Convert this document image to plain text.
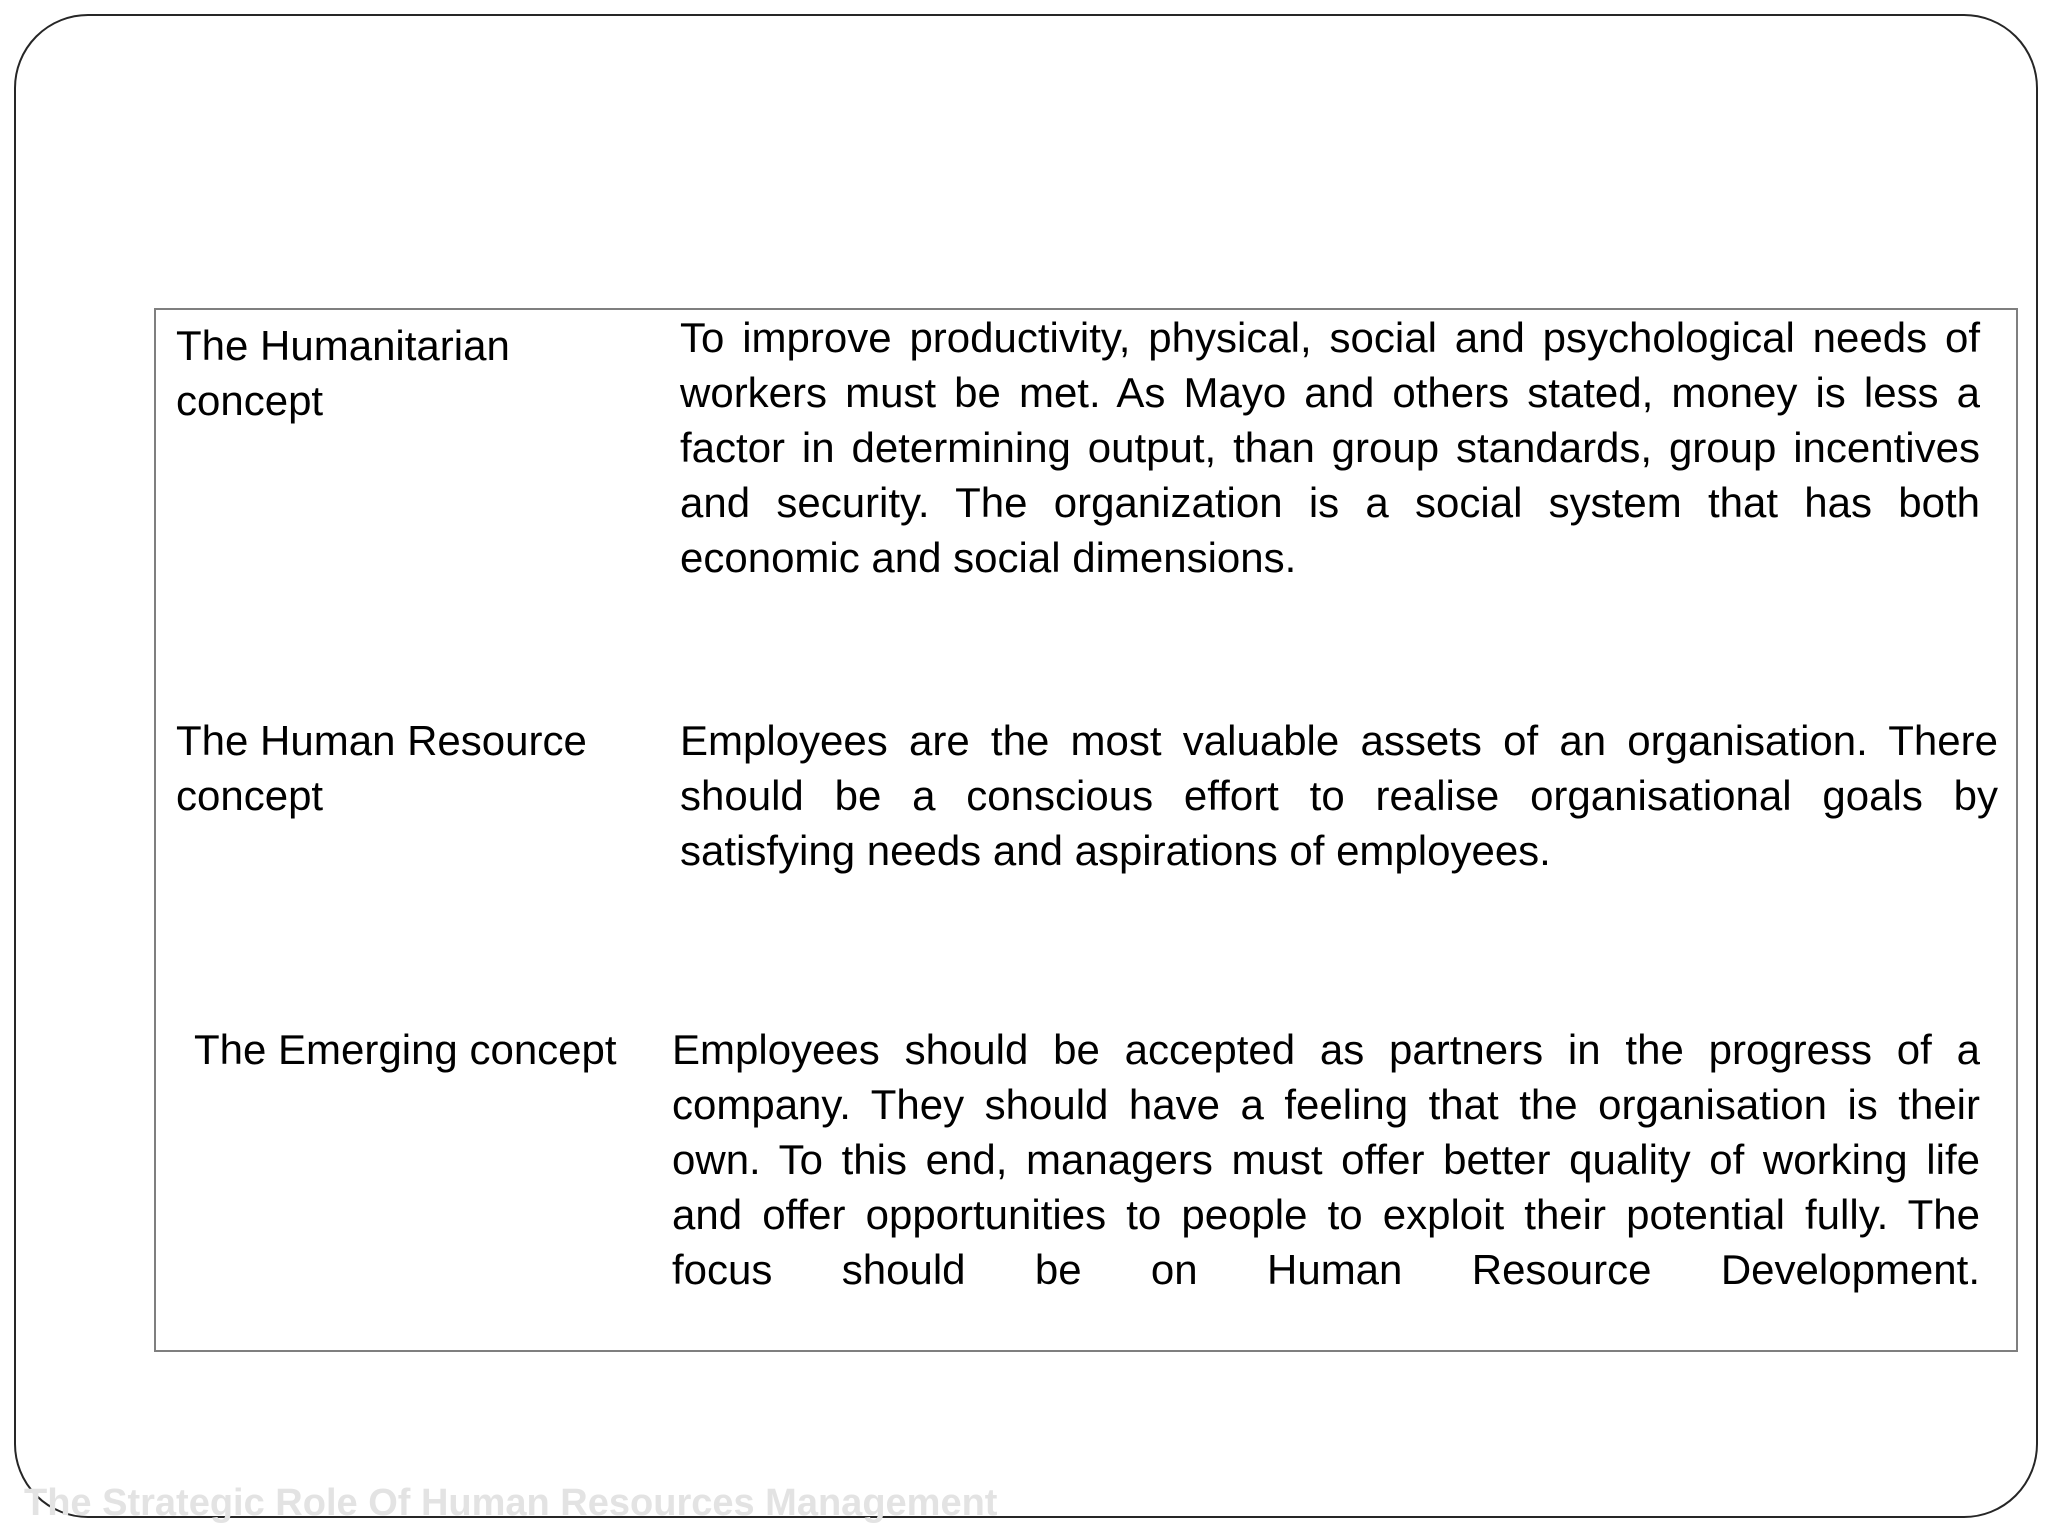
The Humanitarian concept
To improve productivity, physical, social and psychological needs of workers must be met. As Mayo and others stated, money is less a factor in determining output, than group standards, group incentives and security. The organization is a social system that has both economic and social dimensions.
The Human Resource concept
Employees are the most valuable assets of an organisation. There should be a conscious effort to realise organisational goals by satisfying needs and aspirations of employees.
The Emerging concept	Employees should be accepted as partners in the progress of a company. They should have a feeling that the organisation is their own. To this end, managers must offer better quality of working life and offer opportunities to people to exploit their potential fully. The focus should be on Human Resource Development.
The Strategic Role Of Human Resources Management
